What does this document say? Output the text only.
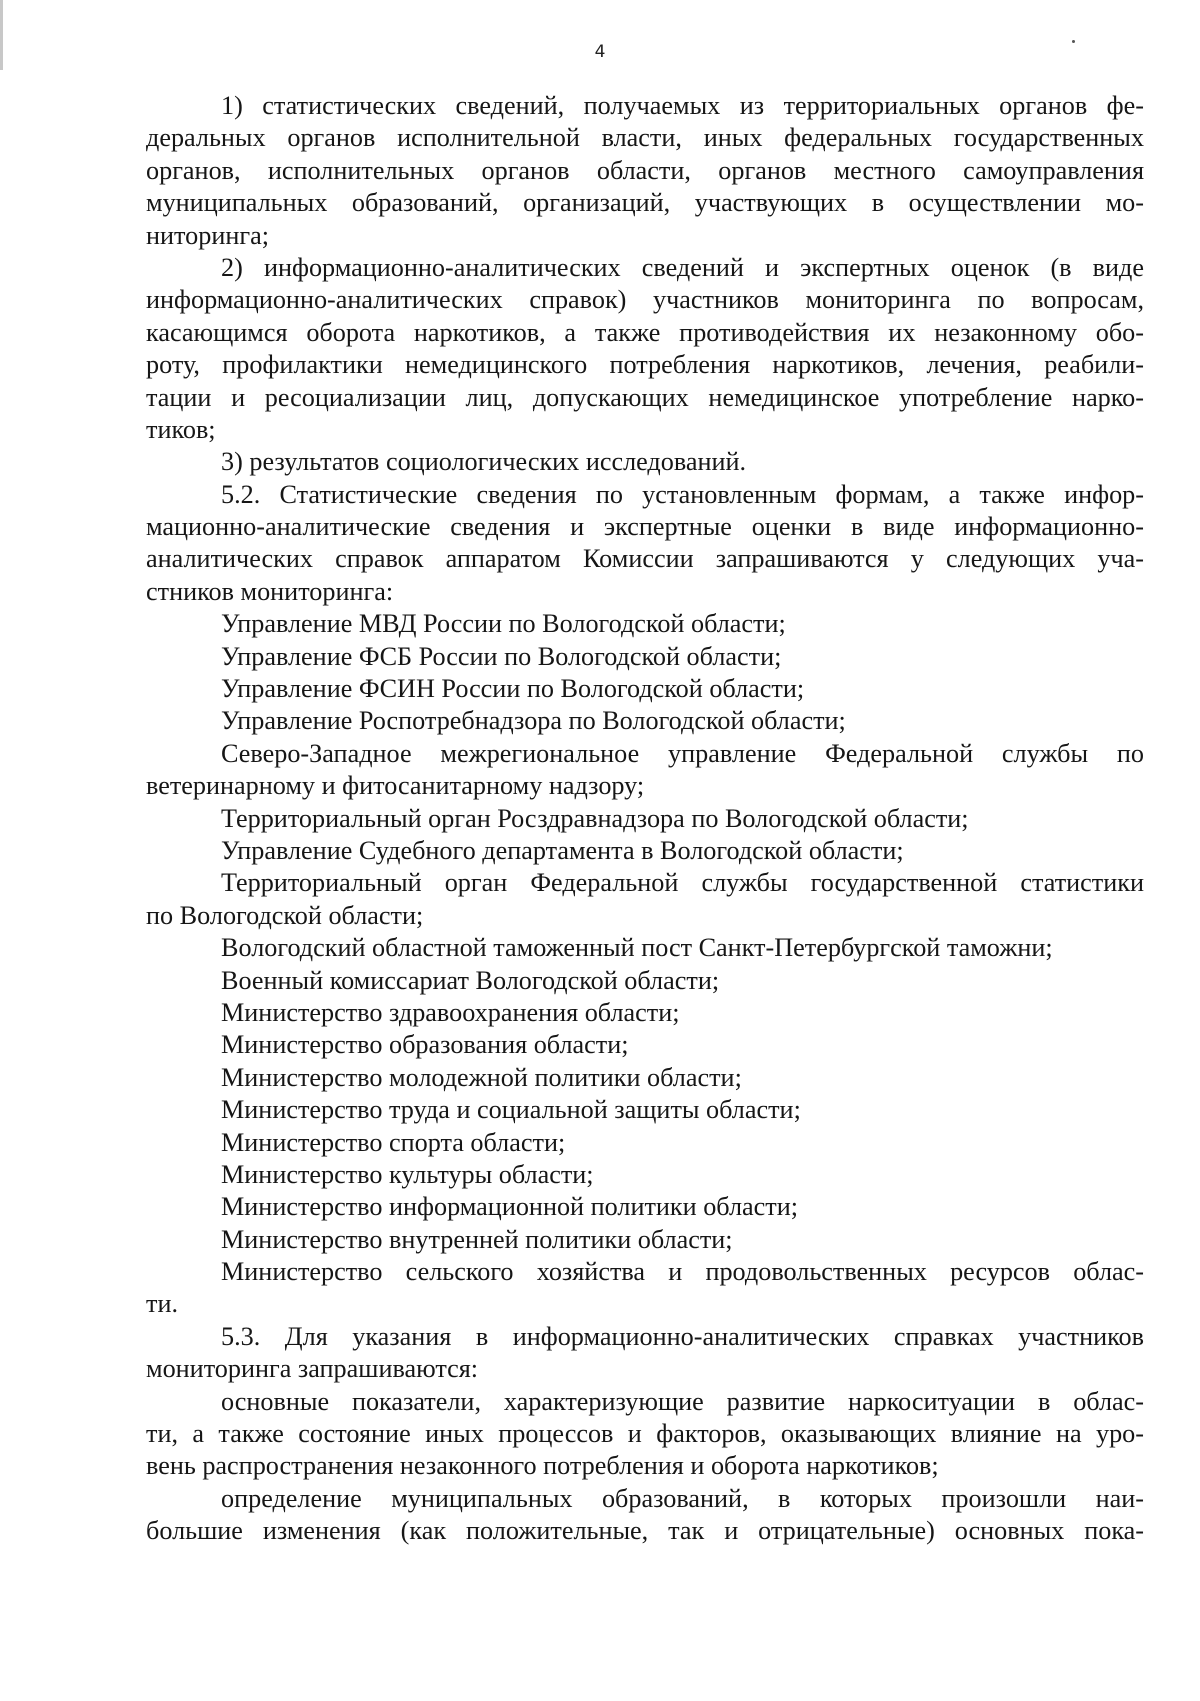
4
1) статистических сведений, получаемых из территориальных органов фе-
деральных органов исполнительной власти, иных федеральных государственных
органов, исполнительных органов области, органов местного самоуправления
муниципальных образований, организаций, участвующих в осуществлении мо-
ниторинга;
2) информационно-аналитических сведений и экспертных оценок (в виде
информационно-аналитических справок) участников мониторинга по вопросам,
касающимся оборота наркотиков, а также противодействия их незаконному обо-
роту, профилактики немедицинского потребления наркотиков, лечения, реабили-
тации и ресоциализации лиц, допускающих немедицинское употребление нарко-
тиков;
3) результатов социологических исследований.
5.2. Статистические сведения по установленным формам, а также инфор-
мационно-аналитические сведения и экспертные оценки в виде информационно-
аналитических справок аппаратом Комиссии запрашиваются у следующих уча-
стников мониторинга:
Управление МВД России по Вологодской области;
Управление ФСБ России по Вологодской области;
Управление ФСИН России по Вологодской области;
Управление Роспотребнадзора по Вологодской области;
Северо-Западное межрегиональное управление Федеральной службы по
ветеринарному и фитосанитарному надзору;
Территориальный орган Росздравнадзора по Вологодской области;
Управление Судебного департамента в Вологодской области;
Территориальный орган Федеральной службы государственной статистики
по Вологодской области;
Вологодский областной таможенный пост Санкт-Петербургской таможни;
Военный комиссариат Вологодской области;
Министерство здравоохранения области;
Министерство образования области;
Министерство молодежной политики области;
Министерство труда и социальной защиты области;
Министерство спорта области;
Министерство культуры области;
Министерство информационной политики области;
Министерство внутренней политики области;
Министерство сельского хозяйства и продовольственных ресурсов облас-
ти.
5.3. Для указания в информационно-аналитических справках участников
мониторинга запрашиваются:
основные показатели, характеризующие развитие наркоситуации в облас-
ти, а также состояние иных процессов и факторов, оказывающих влияние на уро-
вень распространения незаконного потребления и оборота наркотиков;
определение муниципальных образований, в которых произошли наи-
большие изменения (как положительные, так и отрицательные) основных пока-
